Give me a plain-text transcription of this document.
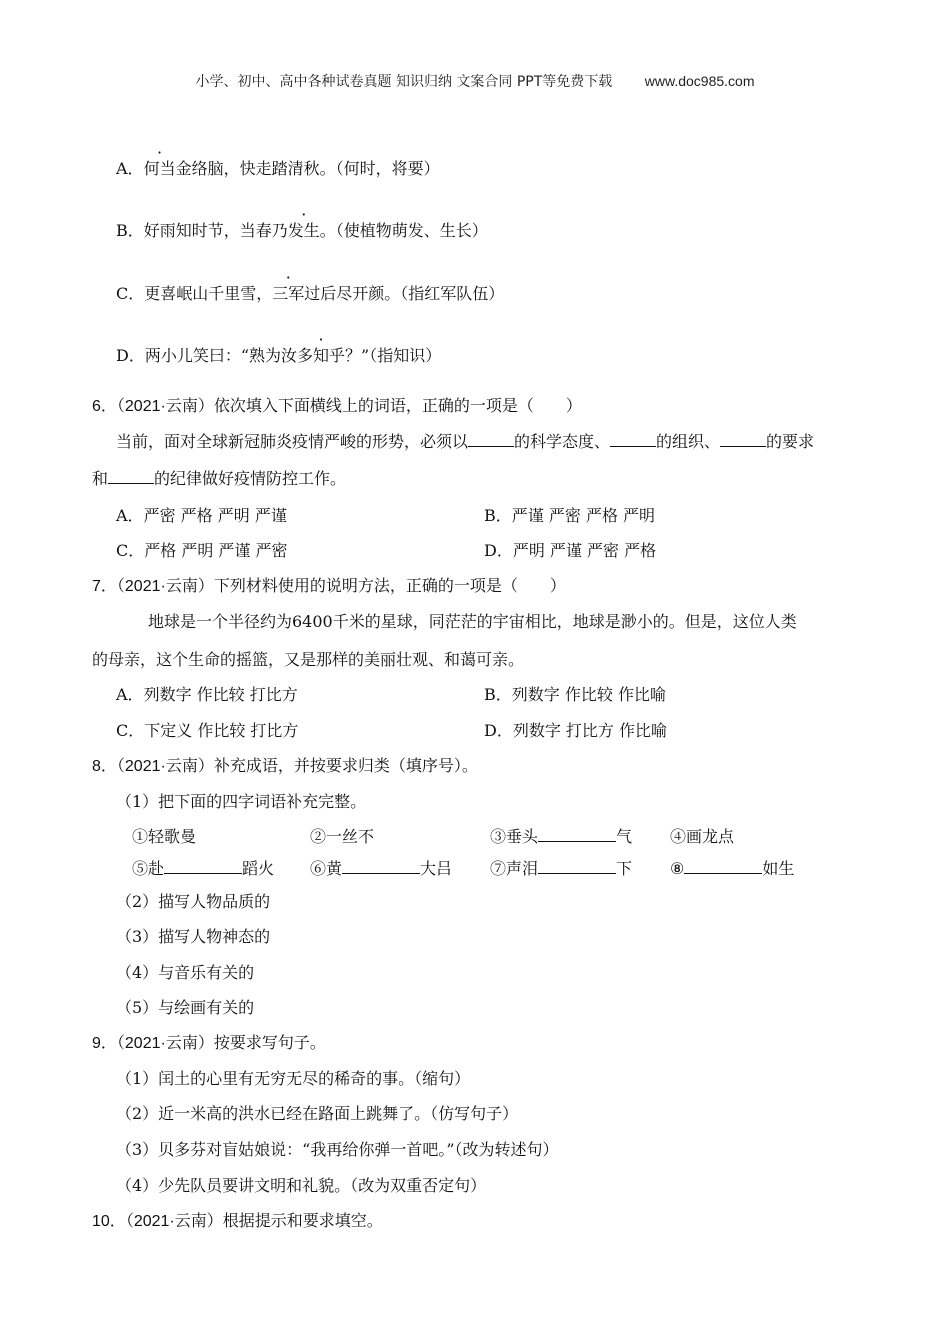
小学、初中、高中各种试卷真题 知识归纳 文案合同 PPT等免费下载 www.doc985.com
A．何当金络脑，快走踏清秋。（何时，将要）
B．好雨知时节，当春乃发生。（使植物萌发、生长）
C．更喜岷山千里雪，三军过后尽开颜。（指红军队伍）
D．两小儿笑曰：“熟为汝多知乎？”（指知识）
6．（2021·云南）依次填入下面横线上的词语，正确的一项是（　　）
当前，面对全球新冠肺炎疫情严峻的形势，必须以	的科学态度、	的组织、	的要求
和	的纪律做好疫情防控工作。
A．严密 严格 严明 严谨	B．严谨 严密 严格 严明
C．严格 严明 严谨 严密	D．严明 严谨 严密 严格
7．（2021·云南）下列材料使用的说明方法，正确的一项是（　　）
地球是一个半径约为6400千米的星球，同茫茫的宇宙相比，地球是渺小的。但是，这位人类
的母亲，这个生命的摇篮，又是那样的美丽壮观、和蔼可亲。
A．列数字 作比较 打比方	B．列数字 作比较 作比喻
C．下定义 作比较 打比方	D．列数字 打比方 作比喻
8．（2021·云南）补充成语，并按要求归类（填序号）。
（1）把下面的四字词语补充完整。
①轻歌曼	②一丝不	③垂头	气 ④画龙点
⑤赴	蹈火 ⑥黄	大吕 ⑦声泪	下 ⑧	如生
（2）描写人物品质的
（3）描写人物神态的
（4）与音乐有关的
（5）与绘画有关的
9．（2021·云南）按要求写句子。
（1）闰土的心里有无穷无尽的稀奇的事。（缩句）
（2）近一米高的洪水已经在路面上跳舞了。（仿写句子）
（3）贝多芬对盲姑娘说：“我再给你弹一首吧。”（改为转述句）
（4）少先队员要讲文明和礼貌。（改为双重否定句）
10．（2021·云南）根据提示和要求填空。
